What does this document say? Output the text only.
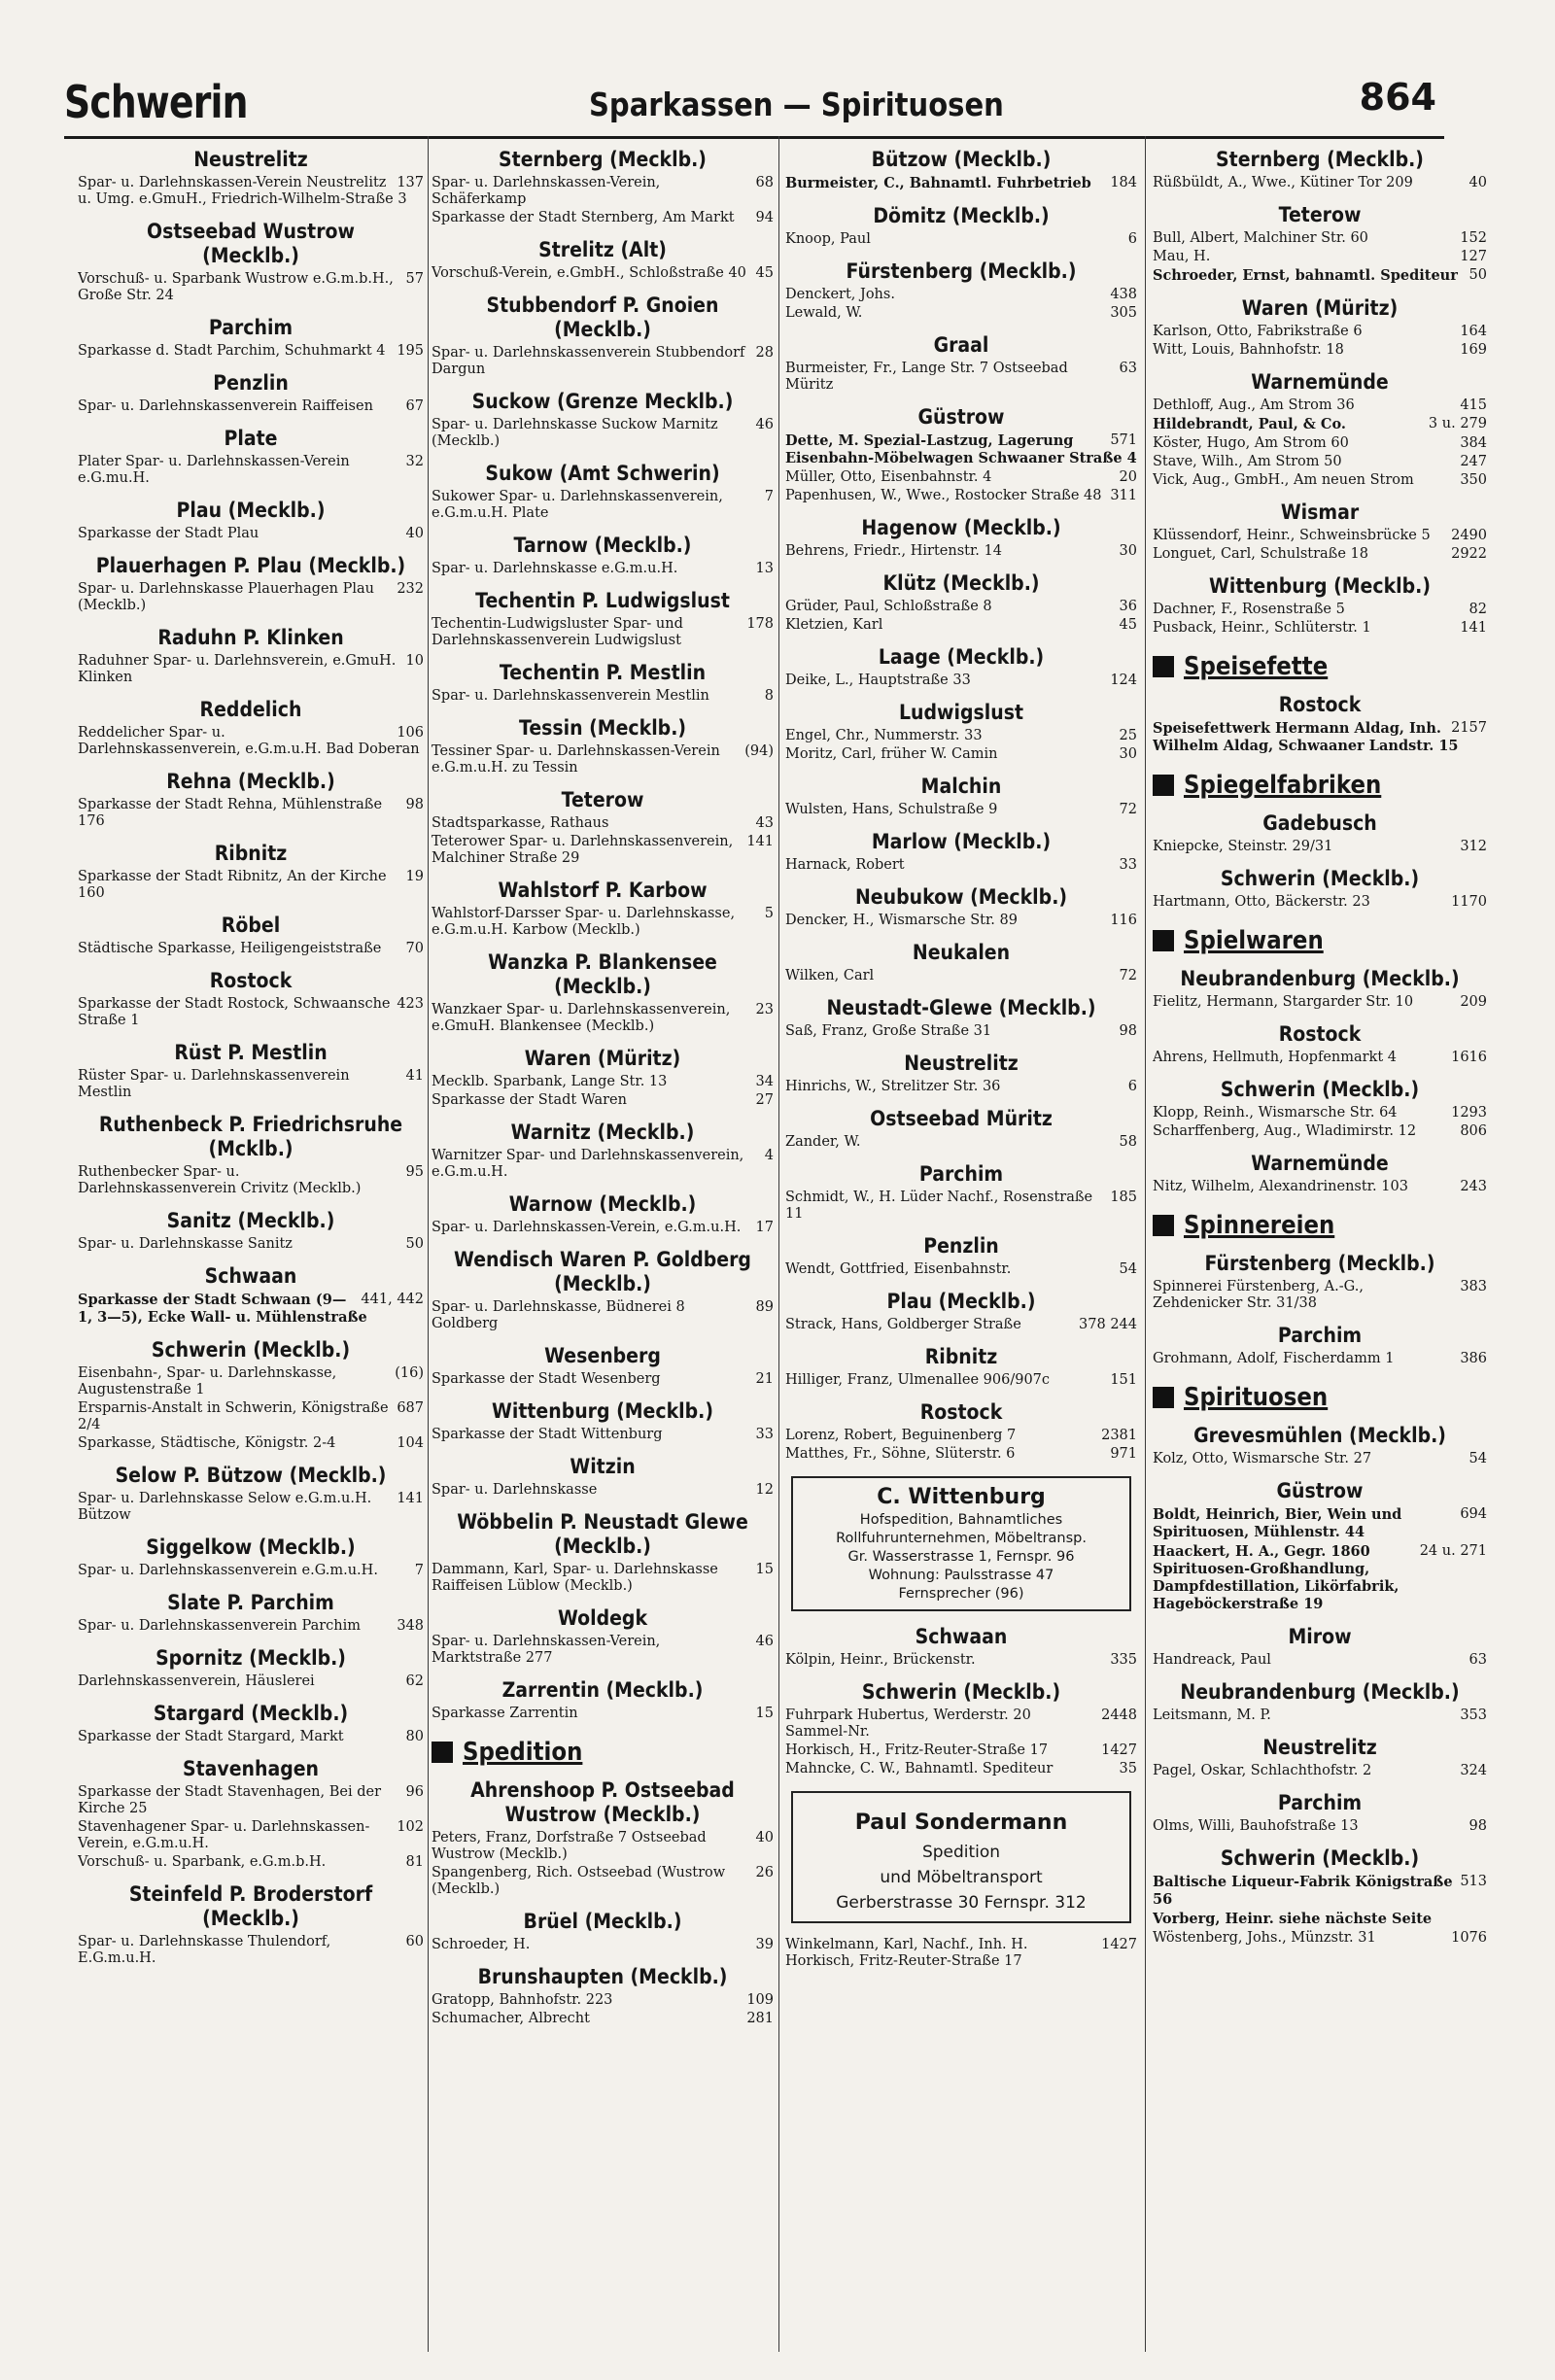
Schwerin	Sparkassen — Spirituosen	864
Neustrelitz
137
Spar- u. Darlehnskassen-Verein Neustrelitz u. Umg. e.GmuH., Friedrich-Wilhelm-Straße 3
Ostseebad Wustrow (Mecklb.)
57
Vorschuß- u. Sparbank Wustrow e.G.m.b.H., Große Str. 24
Parchim
195
Sparkasse d. Stadt Parchim, Schuhmarkt 4
Penzlin
67
Spar- u. Darlehnskassenverein Raiffeisen
Plate
32
Plater Spar- u. Darlehnskassen-Verein e.G.mu.H.
Plau (Mecklb.)
40
Sparkasse der Stadt Plau
Plauerhagen P. Plau (Mecklb.)
232
Spar- u. Darlehnskasse Plauerhagen Plau (Mecklb.)
Raduhn P. Klinken
10
Raduhner Spar- u. Darlehnsverein, e.GmuH. Klinken
Reddelich
106
Reddelicher Spar- u. Darlehnskassenverein, e.G.m.u.H. Bad Doberan
Rehna (Mecklb.)
98
Sparkasse der Stadt Rehna, Mühlenstraße 176
Ribnitz
19
Sparkasse der Stadt Ribnitz, An der Kirche 160
Röbel
70
Städtische Sparkasse, Heiligengeiststraße
Rostock
423
Sparkasse der Stadt Rostock, Schwaansche Straße 1
Rüst P. Mestlin
41
Rüster Spar- u. Darlehnskassenverein Mestlin
Ruthenbeck P. Friedrichsruhe (Mcklb.)
95
Ruthenbecker Spar- u. Darlehnskassenverein Crivitz (Mecklb.)
Sanitz (Mecklb.)
50
Spar- u. Darlehnskasse Sanitz
Schwaan
441, 442
Sparkasse der Stadt Schwaan (9—1, 3—5), Ecke Wall- u. Mühlenstraße
Schwerin (Mecklb.)
(16)
Eisenbahn-, Spar- u. Darlehnskasse, Augustenstraße 1
687
Ersparnis-Anstalt in Schwerin, Königstraße 2/4
104
Sparkasse, Städtische, Königstr. 2-4
Selow P. Bützow (Mecklb.)
141
Spar- u. Darlehnskasse Selow e.G.m.u.H. Bützow
Siggelkow (Mecklb.)
7
Spar- u. Darlehnskassenverein e.G.m.u.H.
Slate P. Parchim
348
Spar- u. Darlehnskassenverein Parchim
Spornitz (Mecklb.)
62
Darlehnskassenverein, Häuslerei
Stargard (Mecklb.)
80
Sparkasse der Stadt Stargard, Markt
Stavenhagen
96
Sparkasse der Stadt Stavenhagen, Bei der Kirche 25
102
Stavenhagener Spar- u. Darlehnskassen-Verein, e.G.m.u.H.
81
Vorschuß- u. Sparbank, e.G.m.b.H.
Steinfeld P. Broderstorf (Mecklb.)
60
Spar- u. Darlehnskasse Thulendorf, E.G.m.u.H.
Sternberg (Mecklb.)
68
Spar- u. Darlehnskassen-Verein, Schäferkamp
94
Sparkasse der Stadt Sternberg, Am Markt
Strelitz (Alt)
45
Vorschuß-Verein, e.GmbH., Schloßstraße 40
Stubbendorf P. Gnoien (Mecklb.)
28
Spar- u. Darlehnskassenverein Stubbendorf Dargun
Suckow (Grenze Mecklb.)
46
Spar- u. Darlehnskasse Suckow Marnitz (Mecklb.)
Sukow (Amt Schwerin)
7
Sukower Spar- u. Darlehnskassenverein, e.G.m.u.H. Plate
Tarnow (Mecklb.)
13
Spar- u. Darlehnskasse e.G.m.u.H.
Techentin P. Ludwigslust
178
Techentin-Ludwigsluster Spar- und Darlehnskassenverein Ludwigslust
Techentin P. Mestlin
8
Spar- u. Darlehnskassenverein Mestlin
Tessin (Mecklb.)
(94)
Tessiner Spar- u. Darlehnskassen-Verein e.G.m.u.H. zu Tessin
Teterow
43
Stadtsparkasse, Rathaus
141
Teterower Spar- u. Darlehnskassenverein, Malchiner Straße 29
Wahlstorf P. Karbow
5
Wahlstorf-Darsser Spar- u. Darlehnskasse, e.G.m.u.H. Karbow (Mecklb.)
Wanzka P. Blankensee (Mecklb.)
23
Wanzkaer Spar- u. Darlehnskassenverein, e.GmuH. Blankensee (Mecklb.)
Waren (Müritz)
34
Mecklb. Sparbank, Lange Str. 13
27
Sparkasse der Stadt Waren
Warnitz (Mecklb.)
4
Warnitzer Spar- und Darlehnskassenverein, e.G.m.u.H.
Warnow (Mecklb.)
17
Spar- u. Darlehnskassen-Verein, e.G.m.u.H.
Wendisch Waren P. Goldberg (Mecklb.)
89
Spar- u. Darlehnskasse, Büdnerei 8 Goldberg
Wesenberg
21
Sparkasse der Stadt Wesenberg
Wittenburg (Mecklb.)
33
Sparkasse der Stadt Wittenburg
Witzin
12
Spar- u. Darlehnskasse
Wöbbelin P. Neustadt Glewe (Mecklb.)
15
Dammann, Karl, Spar- u. Darlehnskasse Raiffeisen Lüblow (Mecklb.)
Woldegk
46
Spar- u. Darlehnskassen-Verein, Marktstraße 277
Zarrentin (Mecklb.)
15
Sparkasse Zarrentin
Spedition
Ahrenshoop P. Ostseebad Wustrow (Mecklb.)
40
Peters, Franz, Dorfstraße 7 Ostseebad Wustrow (Mecklb.)
26
Spangenberg, Rich. Ostseebad (Wustrow (Mecklb.)
Brüel (Mecklb.)
39
Schroeder, H.
Brunshaupten (Mecklb.)
109
Gratopp, Bahnhofstr. 223
281
Schumacher, Albrecht
Bützow (Mecklb.)
184
Burmeister, C., Bahnamtl. Fuhrbetrieb
Dömitz (Mecklb.)
6
Knoop, Paul
Fürstenberg (Mecklb.)
438
Denckert, Johs.
305
Lewald, W.
Graal
63
Burmeister, Fr., Lange Str. 7 Ostseebad Müritz
Güstrow
571
Dette, M. Spezial-Lastzug, Lagerung Eisenbahn-Möbelwagen Schwaaner Straße 4
20
Müller, Otto, Eisenbahnstr. 4
311
Papenhusen, W., Wwe., Rostocker Straße 48
Hagenow (Mecklb.)
30
Behrens, Friedr., Hirtenstr. 14
Klütz (Mecklb.)
36
Grüder, Paul, Schloßstraße 8
45
Kletzien, Karl
Laage (Mecklb.)
124
Deike, L., Hauptstraße 33
Ludwigslust
25
Engel, Chr., Nummerstr. 33
30
Moritz, Carl, früher W. Camin
Malchin
72
Wulsten, Hans, Schulstraße 9
Marlow (Mecklb.)
33
Harnack, Robert
Neubukow (Mecklb.)
116
Dencker, H., Wismarsche Str. 89
Neukalen
72
Wilken, Carl
Neustadt-Glewe (Mecklb.)
98
Saß, Franz, Große Straße 31
Neustrelitz
6
Hinrichs, W., Strelitzer Str. 36
Ostseebad Müritz
58
Zander, W.
Parchim
185
Schmidt, W., H. Lüder Nachf., Rosenstraße 11
Penzlin
54
Wendt, Gottfried, Eisenbahnstr.
Plau (Mecklb.)
378 244
Strack, Hans, Goldberger Straße
Ribnitz
151
Hilliger, Franz, Ulmenallee 906/907c
Rostock
2381
Lorenz, Robert, Beguinenberg 7
971
Matthes, Fr., Söhne, Slüterstr. 6
C. Wittenburg
Hofspedition, Bahnamtliches
Rollfuhrunternehmen, Möbeltransp.
Gr. Wasserstrasse 1, Fernspr. 96
Wohnung: Paulsstrasse 47
Fernsprecher (96)
Schwaan
335
Kölpin, Heinr., Brückenstr.
Schwerin (Mecklb.)
2448
Fuhrpark Hubertus, Werderstr. 20 Sammel-Nr.
1427
Horkisch, H., Fritz-Reuter-Straße 17
35
Mahncke, C. W., Bahnamtl. Spediteur
Paul Sondermann
Spedition
und Möbeltransport
Gerberstrasse 30 Fernspr. 312
1427
Winkelmann, Karl, Nachf., Inh. H. Horkisch, Fritz-Reuter-Straße 17
Sternberg (Mecklb.)
40
Rüßbüldt, A., Wwe., Kütiner Tor 209
Teterow
152
Bull, Albert, Malchiner Str. 60
127
Mau, H.
50
Schroeder, Ernst, bahnamtl. Spediteur
Waren (Müritz)
164
Karlson, Otto, Fabrikstraße 6
169
Witt, Louis, Bahnhofstr. 18
Warnemünde
415
Dethloff, Aug., Am Strom 36
3 u. 279
Hildebrandt, Paul, & Co.
384
Köster, Hugo, Am Strom 60
247
Stave, Wilh., Am Strom 50
350
Vick, Aug., GmbH., Am neuen Strom
Wismar
2490
Klüssendorf, Heinr., Schweinsbrücke 5
2922
Longuet, Carl, Schulstraße 18
Wittenburg (Mecklb.)
82
Dachner, F., Rosenstraße 5
141
Pusback, Heinr., Schlüterstr. 1
Speisefette
Rostock
2157
Speisefettwerk Hermann Aldag, Inh. Wilhelm Aldag, Schwaaner Landstr. 15
Spiegelfabriken
Gadebusch
312
Kniepcke, Steinstr. 29/31
Schwerin (Mecklb.)
1170
Hartmann, Otto, Bäckerstr. 23
Spielwaren
Neubrandenburg (Mecklb.)
209
Fielitz, Hermann, Stargarder Str. 10
Rostock
1616
Ahrens, Hellmuth, Hopfenmarkt 4
Schwerin (Mecklb.)
1293
Klopp, Reinh., Wismarsche Str. 64
806
Scharffenberg, Aug., Wladimirstr. 12
Warnemünde
243
Nitz, Wilhelm, Alexandrinenstr. 103
Spinnereien
Fürstenberg (Mecklb.)
383
Spinnerei Fürstenberg, A.-G., Zehdenicker Str. 31/38
Parchim
386
Grohmann, Adolf, Fischerdamm 1
Spirituosen
Grevesmühlen (Mecklb.)
54
Kolz, Otto, Wismarsche Str. 27
Güstrow
694
Boldt, Heinrich, Bier, Wein und Spirituosen, Mühlenstr. 44
24 u. 271
Haackert, H. A., Gegr. 1860 Spirituosen-Großhandlung, Dampfdestillation, Likörfabrik, Hageböckerstraße 19
Mirow
63
Handreack, Paul
Neubrandenburg (Mecklb.)
353
Leitsmann, M. P.
Neustrelitz
324
Pagel, Oskar, Schlachthofstr. 2
Parchim
98
Olms, Willi, Bauhofstraße 13
Schwerin (Mecklb.)
513
Baltische Liqueur-Fabrik Königstraße 56
Vorberg, Heinr. siehe nächste Seite
1076
Wöstenberg, Johs., Münzstr. 31
